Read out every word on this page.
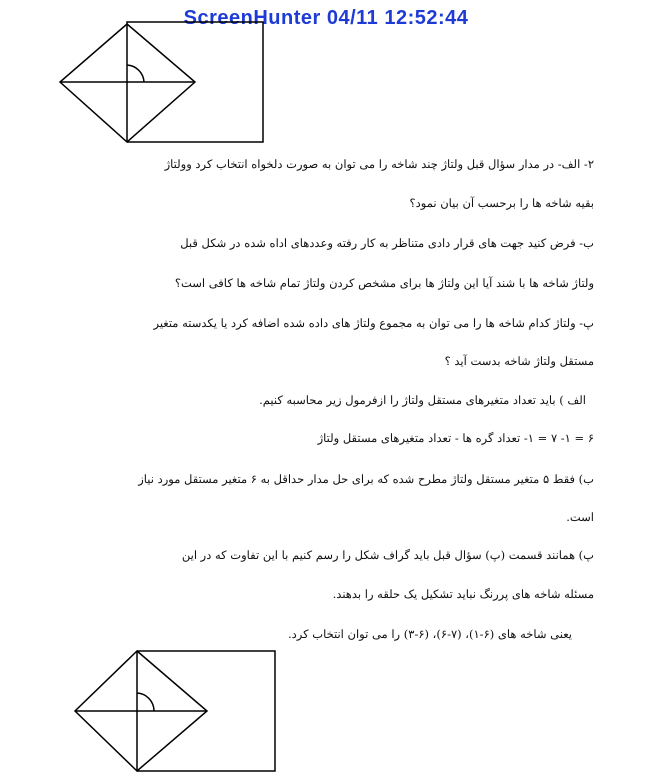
ScreenHunter 04/11 12:52:44
۲- الف- در مدار سؤال قبل ولتاژ چند شاخه را می توان به صورت دلخواه انتخاب کرد وولتاژ
بقیه شاخه ها را برحسب آن بیان نمود؟
ب- فرض کنید جهت های قرار دادی متناظر به کار رفته وعددهای اداه شده در شکل قبل
ولتاژ شاخه ها با شند آیا این ولتاژ ها برای مشخص کردن ولتاژ تمام شاخه ها کافی است؟
پ- ولتاژ کدام شاخه ها را می توان به مجموع ولتاژ های داده شده اضافه کرد یا یکدسته متغیر
مستقل ولتاژ شاخه بدست آید ؟
الف ) باید تعداد متغیرهای مستقل ولتاژ را ازفرمول زیر محاسبه کنیم.
۶ = ۱- ۷ = ۱- تعداد گره ها - تعداد متغیرهای مستقل ولتاژ
ب) فقط ۵ متغیر مستقل ولتاژ مطرح شده که برای حل مدار حداقل به ۶ متغیر مستقل مورد نیاز
است.
پ) همانند قسمت (پ) سؤال قبل باید گراف شکل را رسم کنیم با این تفاوت که در این
مسئله شاخه های پررنگ نباید تشکیل یک حلقه را بدهند.
یعنی شاخه های (۶-۱)، (۷-۶)، (۶-۳) را می توان انتخاب کرد.
